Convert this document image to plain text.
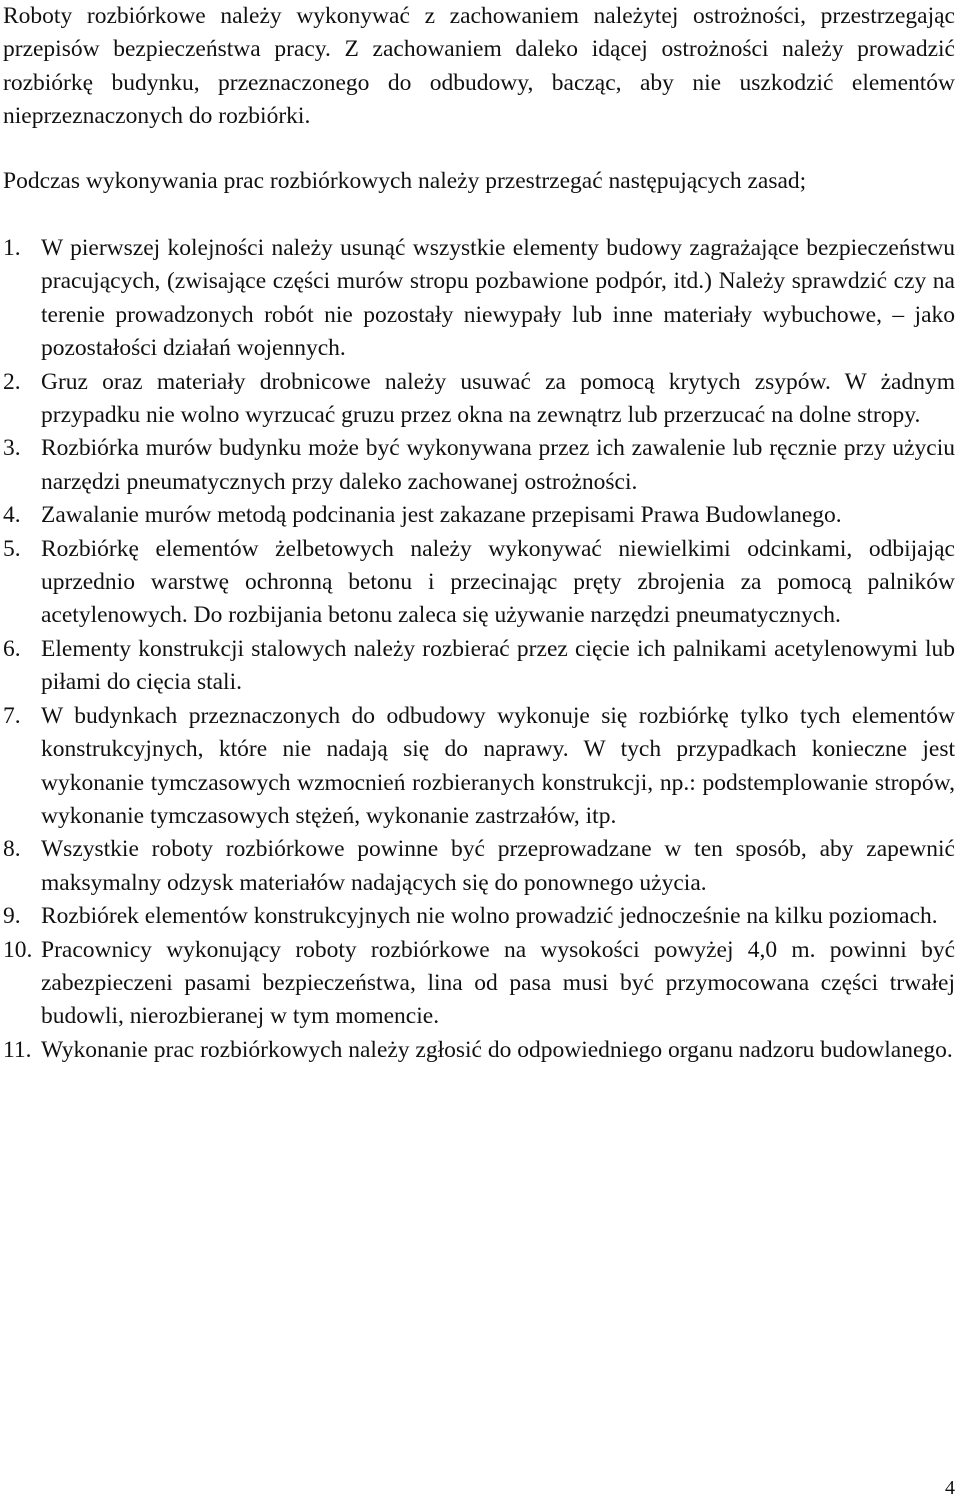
Roboty rozbiórkowe należy wykonywać z zachowaniem należytej ostrożności, przestrzegając przepisów bezpieczeństwa pracy. Z zachowaniem daleko idącej ostrożności należy prowadzić rozbiórkę budynku, przeznaczonego do odbudowy, bacząc, aby nie uszkodzić elementów nieprzeznaczonych do rozbiórki.

Podczas wykonywania prac rozbiórkowych należy przestrzegać następujących zasad;

1. W pierwszej kolejności należy usunąć wszystkie elementy budowy zagrażające bezpieczeństwu pracujących, (zwisające części murów stropu pozbawione podpór, itd.) Należy sprawdzić czy na terenie prowadzonych robót nie pozostały niewypały lub inne materiały wybuchowe, – jako pozostałości działań wojennych.

2. Gruz oraz materiały drobnicowe należy usuwać za pomocą krytych zsypów. W żadnym przypadku nie wolno wyrzucać gruzu przez okna na zewnątrz lub przerzucać na dolne stropy.

3. Rozbiórka murów budynku może być wykonywana przez ich zawalenie lub ręcznie przy użyciu narzędzi pneumatycznych przy daleko zachowanej ostrożności.

4. Zawalanie murów metodą podcinania jest zakazane przepisami Prawa Budowlanego.

5. Rozbiórkę elementów żelbetowych należy wykonywać niewielkimi odcinkami, odbijając uprzednio warstwę ochronną betonu i przecinając pręty zbrojenia za pomocą palników acetylenowych. Do rozbijania betonu zaleca się używanie narzędzi pneumatycznych.

6. Elementy konstrukcji stalowych należy rozbierać przez cięcie ich palnikami acetylenowymi lub piłami do cięcia stali.

7. W budynkach przeznaczonych do odbudowy wykonuje się rozbiórkę tylko tych elementów konstrukcyjnych, które nie nadają się do naprawy. W tych przypadkach konieczne jest wykonanie tymczasowych wzmocnień rozbieranych konstrukcji, np.: podstemplowanie stropów, wykonanie tymczasowych stężeń, wykonanie zastrzałów, itp.

8. Wszystkie roboty rozbiórkowe powinne być przeprowadzane w ten sposób, aby zapewnić maksymalny odzysk materiałów nadających się do ponownego użycia.

9. Rozbiórek elementów konstrukcyjnych nie wolno prowadzić jednocześnie na kilku poziomach.

10. Pracownicy wykonujący roboty rozbiórkowe na wysokości powyżej 4,0 m. powinni być zabezpieczeni pasami bezpieczeństwa, lina od pasa musi być przymocowana części trwałej budowli, nierozbieranej w tym momencie.

11. Wykonanie prac rozbiórkowych należy zgłosić do odpowiedniego organu nadzoru budowlanego.

4
